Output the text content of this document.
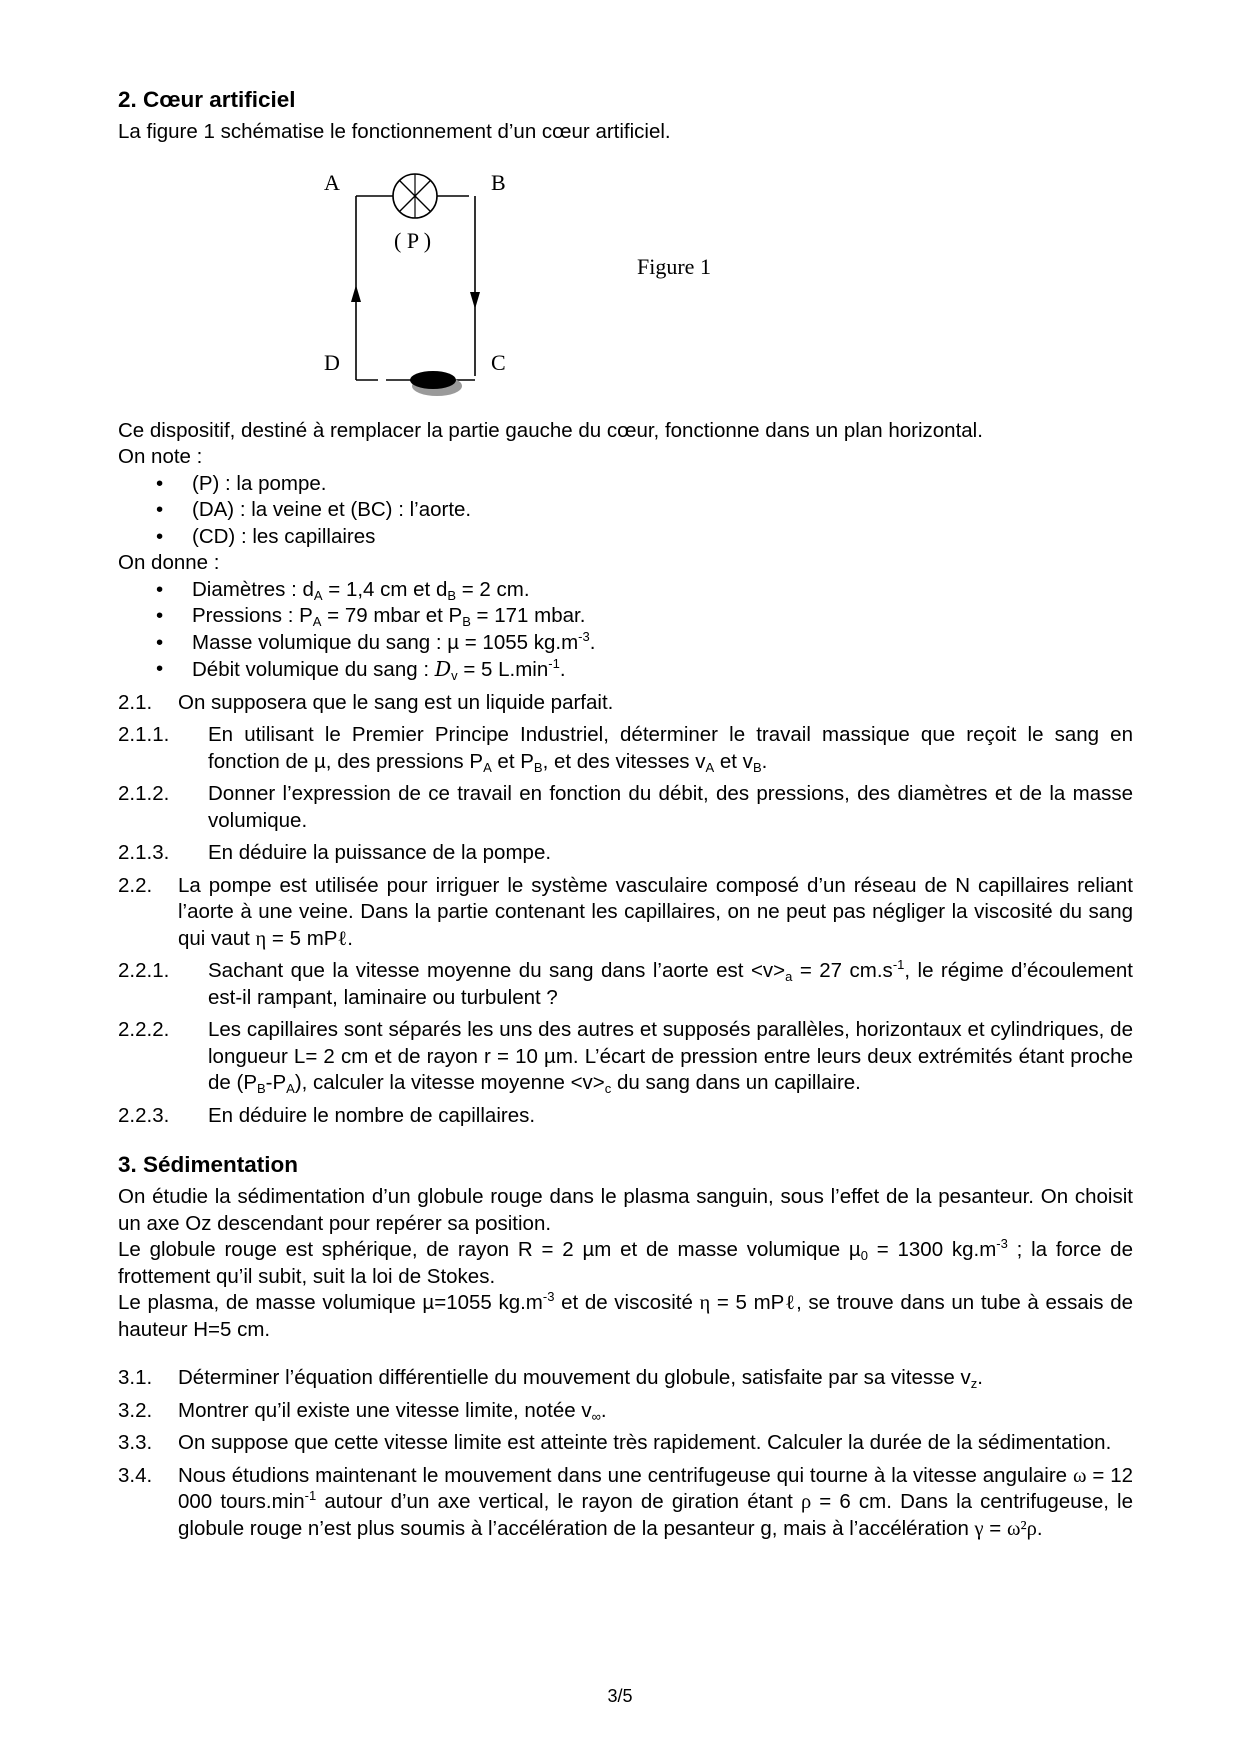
2. Cœur artificiel

La figure 1 schématise le fonctionnement d’un cœur artificiel.

A	B
C
D
( P )
Figure 1

Ce dispositif, destiné à remplacer la partie gauche du cœur, fonctionne dans un plan horizontal.

On note :

• (P) : la pompe.
• (DA) : la veine et (BC) : l’aorte.
• (CD) : les capillaires

On donne :

• Diamètres : $d_A = 1,4$ cm et $d_B = 2$ cm.
• Pressions : $P_A = 79$ mbar et $P_B = 171$ mbar.
• Masse volumique du sang : µ = 1055 $kg.m^{-3}$.
• Débit volumique du sang : $D_v = 5$ $L.\min^{-1}$.
2.1. On supposera que le sang est un liquide parfait.
2.1.1. En utilisant le Premier Principe Industriel, déterminer le travail massique que reçoit le sang en fonction de µ, des pressions $P_A$ et $P_B$, et des vitesses $v_A$ et $v_B$.
2.1.2. Donner l’expression de ce travail en fonction du débit, des pressions, des diamètres et de la masse volumique.
2.1.3. En déduire la puissance de la pompe.
2.2. La pompe est utilisée pour irriguer le système vasculaire composé d’un réseau de N capillaires reliant l’aorte à une veine. Dans la partie contenant les capillaires, on ne peut pas négliger la viscosité du sang qui vaut η = 5 mPℓ.
2.2.1. Sachant que la vitesse moyenne du sang dans l’aorte est $<v>_a = 27$ $cm.s^{-1}$, le régime d’écoulement est-il rampant, laminaire ou turbulent ?
2.2.2. Les capillaires sont séparés les uns des autres et supposés parallèles, horizontaux et cylindriques, de longueur L= 2 cm et de rayon r = 10 µm. L’écart de pression entre leurs deux extrémités étant proche de $(P_B-P_A)$, calculer la vitesse moyenne $<v>_c$ du sang dans un capillaire.
2.2.3. En déduire le nombre de capillaires.
3. Sédimentation

On étudie la sédimentation d’un globule rouge dans le plasma sanguin, sous l’effet de la pesanteur. On choisit un axe Oz descendant pour repérer sa position.

Le globule rouge est sphérique, de rayon R = 2 µm et de masse volumique µ$_0$ = 1300 $kg.m^{-3}$ ; la force de frottement qu’il subit, suit la loi de Stokes.

Le plasma, de masse volumique µ=1055 $kg.m^{-3}$ et de viscosité η = 5 mPℓ, se trouve dans un tube à essais de hauteur H=5 cm.

3.1. Déterminer l’équation différentielle du mouvement du globule, satisfaite par sa vitesse $v_z$.
3.2. Montrer qu’il existe une vitesse limite, notée $v_\infty$.
3.3. On suppose que cette vitesse limite est atteinte très rapidement. Calculer la durée de la sédimentation.
3.4. Nous étudions maintenant le mouvement dans une centrifugeuse qui tourne à la vitesse angulaire ω = 12 000 $tours.\min^{-1}$ autour d’un axe vertical, le rayon de giration étant ρ = 6 cm. Dans la centrifugeuse, le globule rouge n’est plus soumis à l’accélération de la pesanteur g, mais à l’accélération γ = ω²ρ.
3/5
